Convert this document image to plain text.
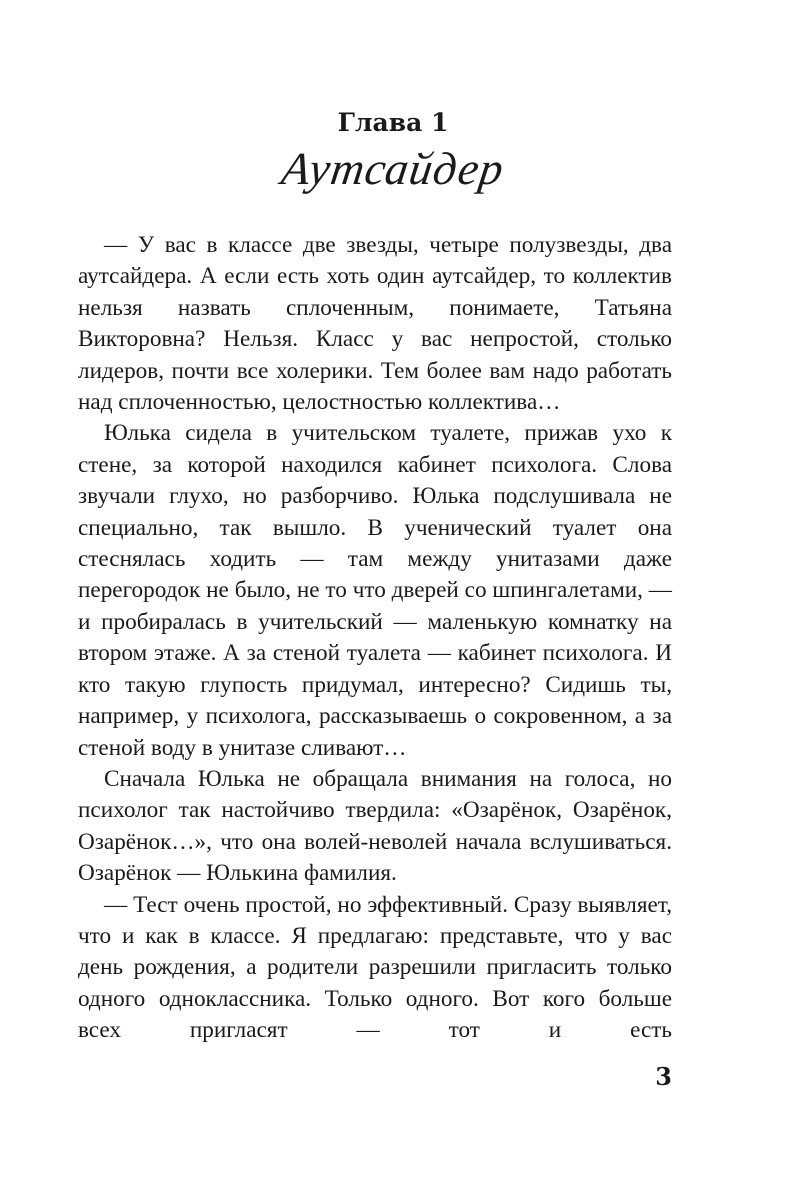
Глава 1
Аутсайдер

— У вас в классе две звезды, четыре полузвезды, два аутсайдера. А если есть хоть один аутсайдер, то коллектив нельзя назвать сплоченным, понимаете, Татьяна Викторовна? Нельзя. Класс у вас непростой, столько лидеров, почти все холерики. Тем более вам надо работать над сплоченностью, целостностью коллектива…

Юлька сидела в учительском туалете, прижав ухо к стене, за которой находился кабинет психолога. Слова звучали глухо, но разборчиво. Юлька подслушивала не специально, так вышло. В ученический туалет она стеснялась ходить — там между унитазами даже перегородок не было, не то что дверей со шпингалетами, — и пробиралась в учительский — маленькую комнатку на втором этаже. А за стеной туалета — кабинет психолога. И кто такую глупость придумал, интересно? Сидишь ты, например, у психолога, рассказываешь о сокровенном, а за стеной воду в унитазе сливают…

Сначала Юлька не обращала внимания на голоса, но психолог так настойчиво твердила: «Озарёнок, Озарёнок, Озарёнок…», что она волей-неволей начала вслушиваться. Озарёнок — Юлькина фамилия.

— Тест очень простой, но эффективный. Сразу выявляет, что и как в классе. Я предлагаю: представьте, что у вас день рождения, а родители разрешили пригласить только одного одноклассника. Только одного. Вот кого больше всех пригласят — тот и есть

3
